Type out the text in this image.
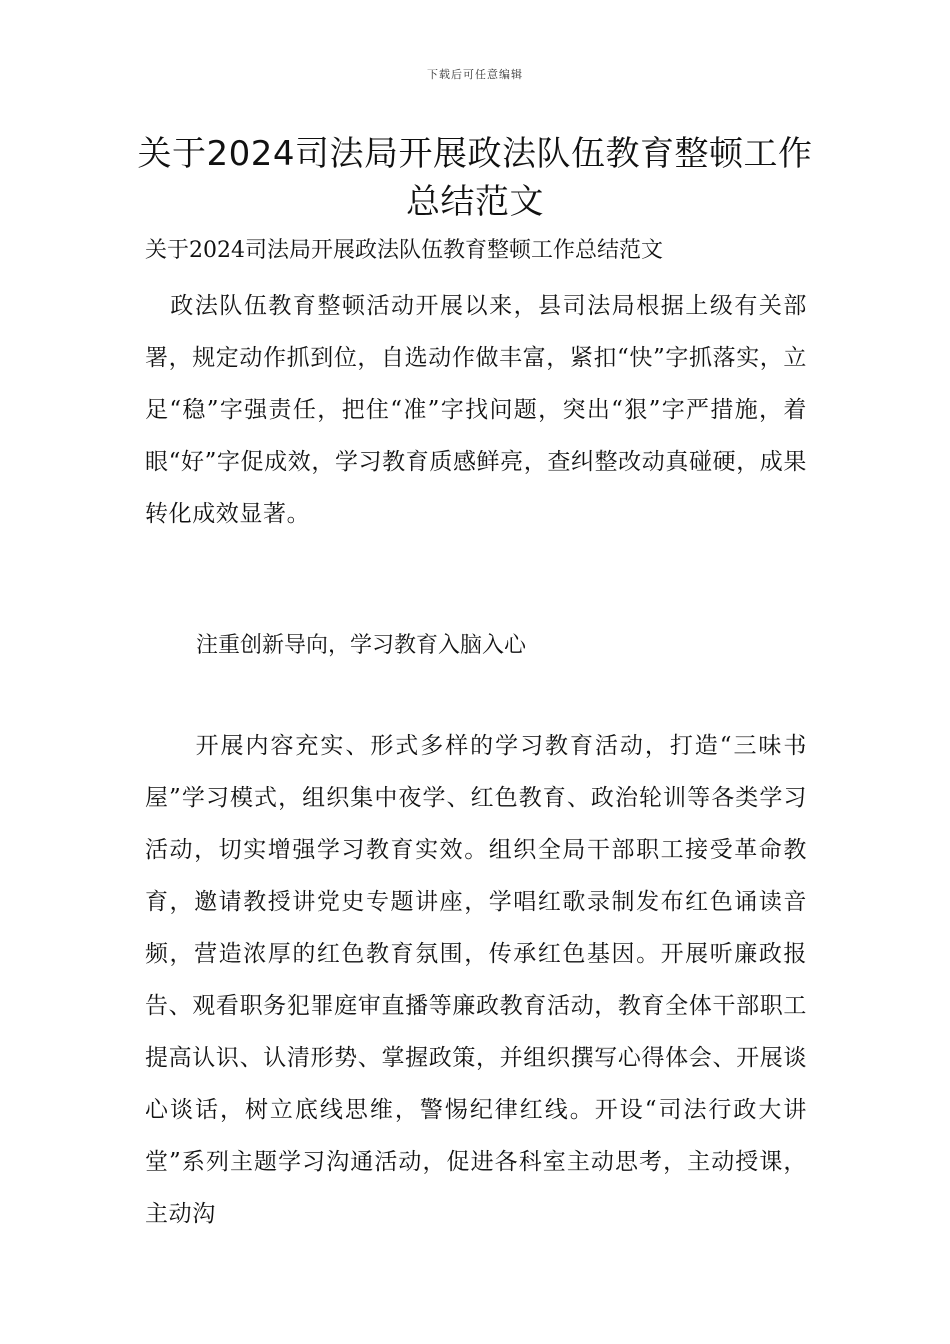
下载后可任意编辑
关于2024司法局开展政法队伍教育整顿工作总结范文

关于2024司法局开展政法队伍教育整顿工作总结范文

政法队伍教育整顿活动开展以来，县司法局根据上级有关部署，规定动作抓到位，自选动作做丰富，紧扣“快”字抓落实，立足“稳”字强责任，把住“准”字找问题，突出“狠”字严措施，着眼“好”字促成效，学习教育质感鲜亮，查纠整改动真碰硬，成果转化成效显著。

注重创新导向，学习教育入脑入心

开展内容充实、形式多样的学习教育活动，打造“三味书屋”学习模式，组织集中夜学、红色教育、政治轮训等各类学习活动，切实增强学习教育实效。组织全局干部职工接受革命教育，邀请教授讲党史专题讲座，学唱红歌录制发布红色诵读音频，营造浓厚的红色教育氛围，传承红色基因。开展听廉政报告、观看职务犯罪庭审直播等廉政教育活动，教育全体干部职工提高认识、认清形势、掌握政策，并组织撰写心得体会、开展谈心谈话，树立底线思维，警惕纪律红线。开设“司法行政大讲堂”系列主题学习沟通活动，促进各科室主动思考，主动授课，主动沟
